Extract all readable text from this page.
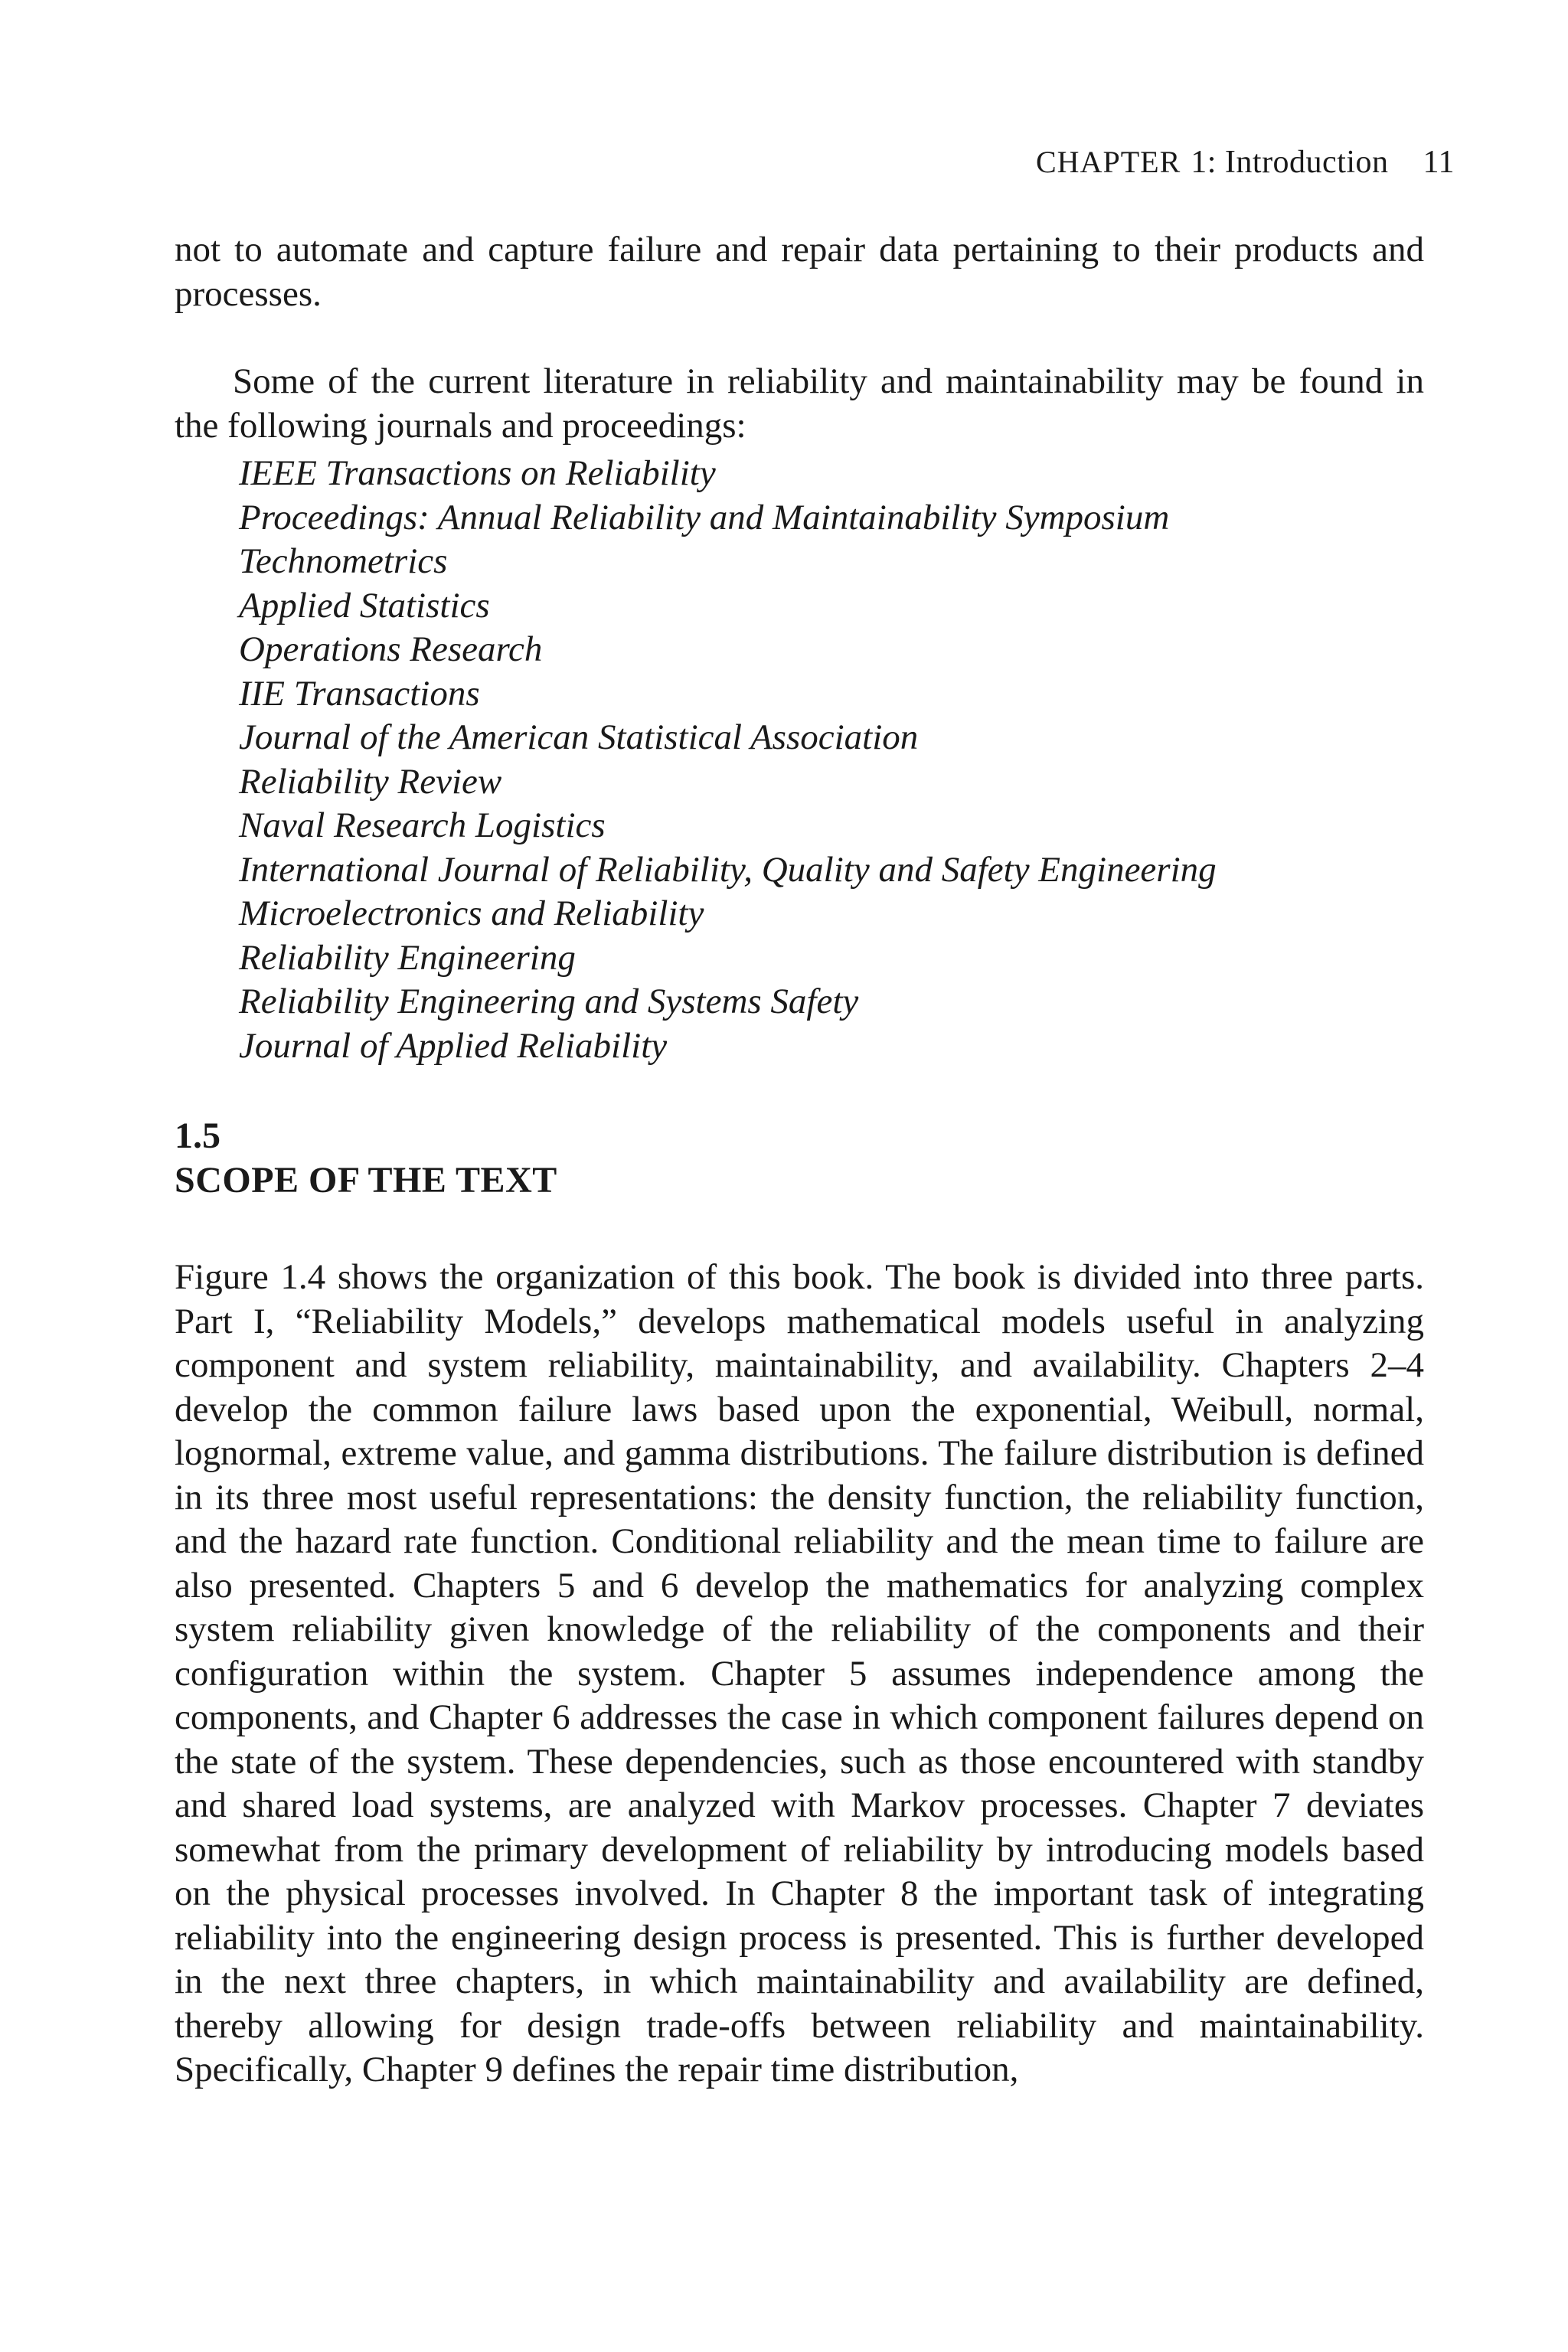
CHAPTER 1: Introduction 11

not to automate and capture failure and repair data pertaining to their products and processes.

Some of the current literature in reliability and maintainability may be found in the following journals and proceedings:

IEEE Transactions on Reliability
Proceedings: Annual Reliability and Maintainability Symposium
Technometrics
Applied Statistics
Operations Research
IIE Transactions
Journal of the American Statistical Association
Reliability Review
Naval Research Logistics
International Journal of Reliability, Quality and Safety Engineering
Microelectronics and Reliability
Reliability Engineering
Reliability Engineering and Systems Safety
Journal of Applied Reliability
1.5
SCOPE OF THE TEXT

Figure 1.4 shows the organization of this book. The book is divided into three parts. Part I, “Reliability Models,” develops mathematical models useful in analyzing component and system reliability, maintainability, and availability. Chapters 2–4 develop the common failure laws based upon the exponential, Weibull, normal, lognormal, extreme value, and gamma distributions. The failure distribution is defined in its three most useful representations: the density function, the reliability function, and the hazard rate function. Conditional reliability and the mean time to failure are also presented. Chapters 5 and 6 develop the mathematics for analyzing complex system reliability given knowledge of the reliability of the components and their configuration within the system. Chapter 5 assumes independence among the components, and Chapter 6 addresses the case in which component failures depend on the state of the system. These dependencies, such as those encountered with standby and shared load systems, are analyzed with Markov processes. Chapter 7 deviates somewhat from the primary development of reliability by introducing models based on the physical processes involved. In Chapter 8 the important task of integrating reliability into the engineering design process is presented. This is further developed in the next three chapters, in which maintainability and availability are defined, thereby allowing for design trade-offs between reliability and maintainability. Specifically, Chapter 9 defines the repair time distribution,
